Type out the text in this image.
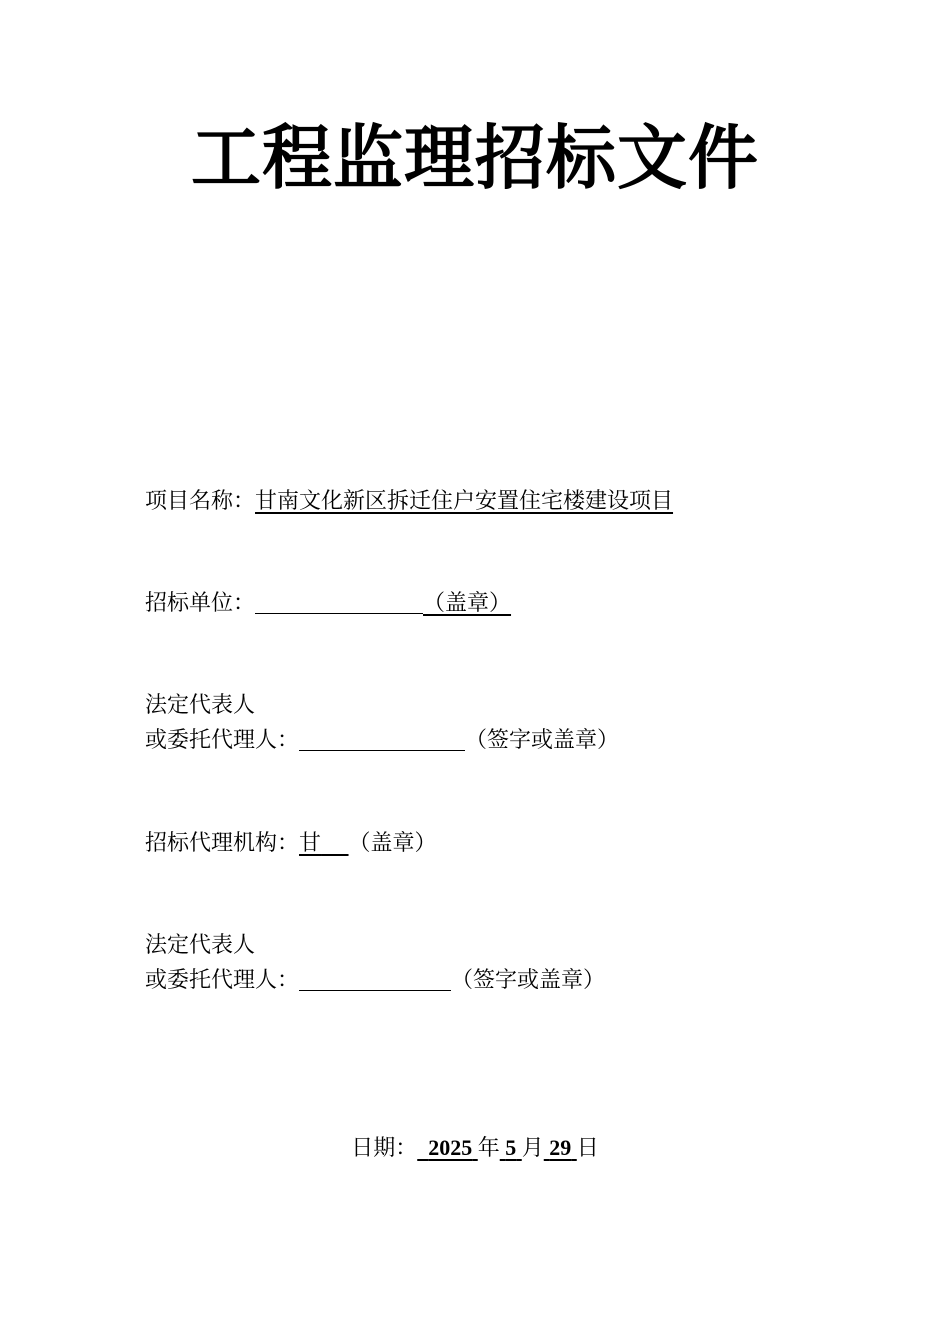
工程监理招标文件
项目名称：甘南文化新区拆迁住户安置住宅楼建设项目
招标单位：	（盖章）
法定代表人
或委托代理人：	（签字或盖章）
招标代理机构：甘 （盖章）
法定代表人
或委托代理人：	（签字或盖章）
日期： 2025 年 5 月 29 日
